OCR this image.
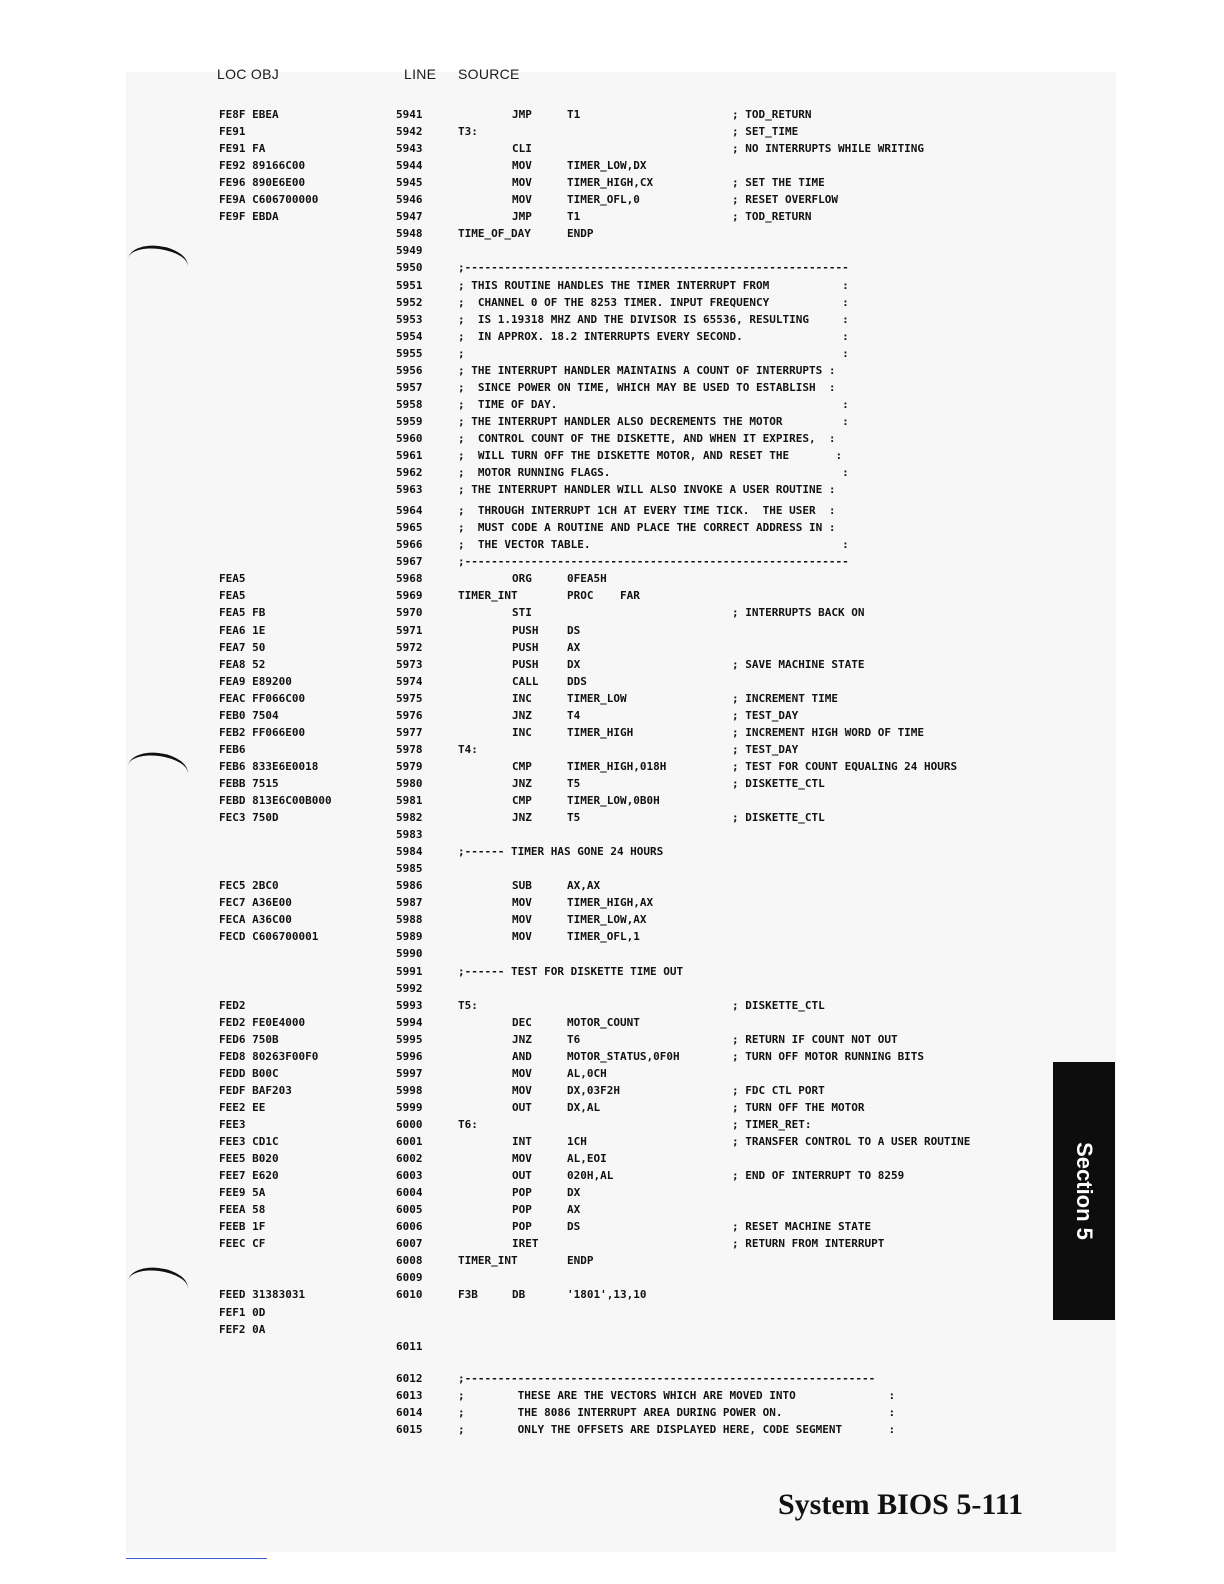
LOC OBJ	LINE SOURCE
FE8F EBEA	5941	JMP	T1	; TOD_RETURN
FE91	5942	T3:	; SET_TIME
FE91 FA	5943	CLI	; NO INTERRUPTS WHILE WRITING
FE92 89166C00	5944	MOV	TIMER_LOW,DX
FE96 890E6E00	5945	MOV	TIMER_HIGH,CX	; SET THE TIME
FE9A C606700000	5946	MOV	TIMER_OFL,0	; RESET OVERFLOW
FE9F EBDA	5947	JMP	T1	; TOD_RETURN
5948	TIME_OF_DAY	ENDP
5949
5950	;----------------------------------------------------------
5951	; THIS ROUTINE HANDLES THE TIMER INTERRUPT FROM           :
5952	;  CHANNEL 0 OF THE 8253 TIMER. INPUT FREQUENCY           :
5953	;  IS 1.19318 MHZ AND THE DIVISOR IS 65536, RESULTING     :
5954	;  IN APPROX. 18.2 INTERRUPTS EVERY SECOND.               :
5955	;                                                         :
5956	; THE INTERRUPT HANDLER MAINTAINS A COUNT OF INTERRUPTS :
5957	;  SINCE POWER ON TIME, WHICH MAY BE USED TO ESTABLISH  :
5958	;  TIME OF DAY.                                           :
5959	; THE INTERRUPT HANDLER ALSO DECREMENTS THE MOTOR         :
5960	;  CONTROL COUNT OF THE DISKETTE, AND WHEN IT EXPIRES,  :
5961	;  WILL TURN OFF THE DISKETTE MOTOR, AND RESET THE       :
5962	;  MOTOR RUNNING FLAGS.                                   :
5963	; THE INTERRUPT HANDLER WILL ALSO INVOKE A USER ROUTINE :
5964	;  THROUGH INTERRUPT 1CH AT EVERY TIME TICK.  THE USER  :
5965	;  MUST CODE A ROUTINE AND PLACE THE CORRECT ADDRESS IN :
5966	;  THE VECTOR TABLE.                                      :
5967	;----------------------------------------------------------
FEA5	5968	ORG	0FEA5H
FEA5	5969	TIMER_INT	PROC    FAR
FEA5 FB	5970	STI	; INTERRUPTS BACK ON
FEA6 1E	5971	PUSH	DS
FEA7 50	5972	PUSH	AX
FEA8 52	5973	PUSH	DX	; SAVE MACHINE STATE
FEA9 E89200	5974	CALL	DDS
FEAC FF066C00	5975	INC	TIMER_LOW	; INCREMENT TIME
FEB0 7504	5976	JNZ	T4	; TEST_DAY
FEB2 FF066E00	5977	INC	TIMER_HIGH	; INCREMENT HIGH WORD OF TIME
FEB6	5978	T4:	; TEST_DAY
FEB6 833E6E0018	5979	CMP	TIMER_HIGH,018H	; TEST FOR COUNT EQUALING 24 HOURS
FEBB 7515	5980	JNZ	T5	; DISKETTE_CTL
FEBD 813E6C00B000	5981	CMP	TIMER_LOW,0B0H
FEC3 750D	5982	JNZ	T5	; DISKETTE_CTL
5983
5984	;------ TIMER HAS GONE 24 HOURS
5985
FEC5 2BC0	5986	SUB	AX,AX
FEC7 A36E00	5987	MOV	TIMER_HIGH,AX
FECA A36C00	5988	MOV	TIMER_LOW,AX
FECD C606700001	5989	MOV	TIMER_OFL,1
5990
5991	;------ TEST FOR DISKETTE TIME OUT
5992
FED2	5993	T5:	; DISKETTE_CTL
FED2 FE0E4000	5994	DEC	MOTOR_COUNT
FED6 750B	5995	JNZ	T6	; RETURN IF COUNT NOT OUT
FED8 80263F00F0	5996	AND	MOTOR_STATUS,0F0H	; TURN OFF MOTOR RUNNING BITS
FEDD B00C	5997	MOV	AL,0CH
FEDF BAF203	5998	MOV	DX,03F2H	; FDC CTL PORT
FEE2 EE	5999	OUT	DX,AL	; TURN OFF THE MOTOR
FEE3	6000	T6:	; TIMER_RET:
FEE3 CD1C	6001	INT	1CH	; TRANSFER CONTROL TO A USER ROUTINE
FEE5 B020	6002	MOV	AL,EOI
FEE7 E620	6003	OUT	020H,AL	; END OF INTERRUPT TO 8259
FEE9 5A	6004	POP	DX
FEEA 58	6005	POP	AX
FEEB 1F	6006	POP	DS	; RESET MACHINE STATE
FEEC CF	6007	IRET	; RETURN FROM INTERRUPT
6008	TIMER_INT	ENDP
6009
FEED 31383031	6010	F3B	DB	'1801',13,10
FEF1 0D
FEF2 0A
6011
6012	;--------------------------------------------------------------
6013	;        THESE ARE THE VECTORS WHICH ARE MOVED INTO              :
6014	;        THE 8086 INTERRUPT AREA DURING POWER ON.                :
6015	;        ONLY THE OFFSETS ARE DISPLAYED HERE, CODE SEGMENT       :
Section 5
System BIOS 5-111
